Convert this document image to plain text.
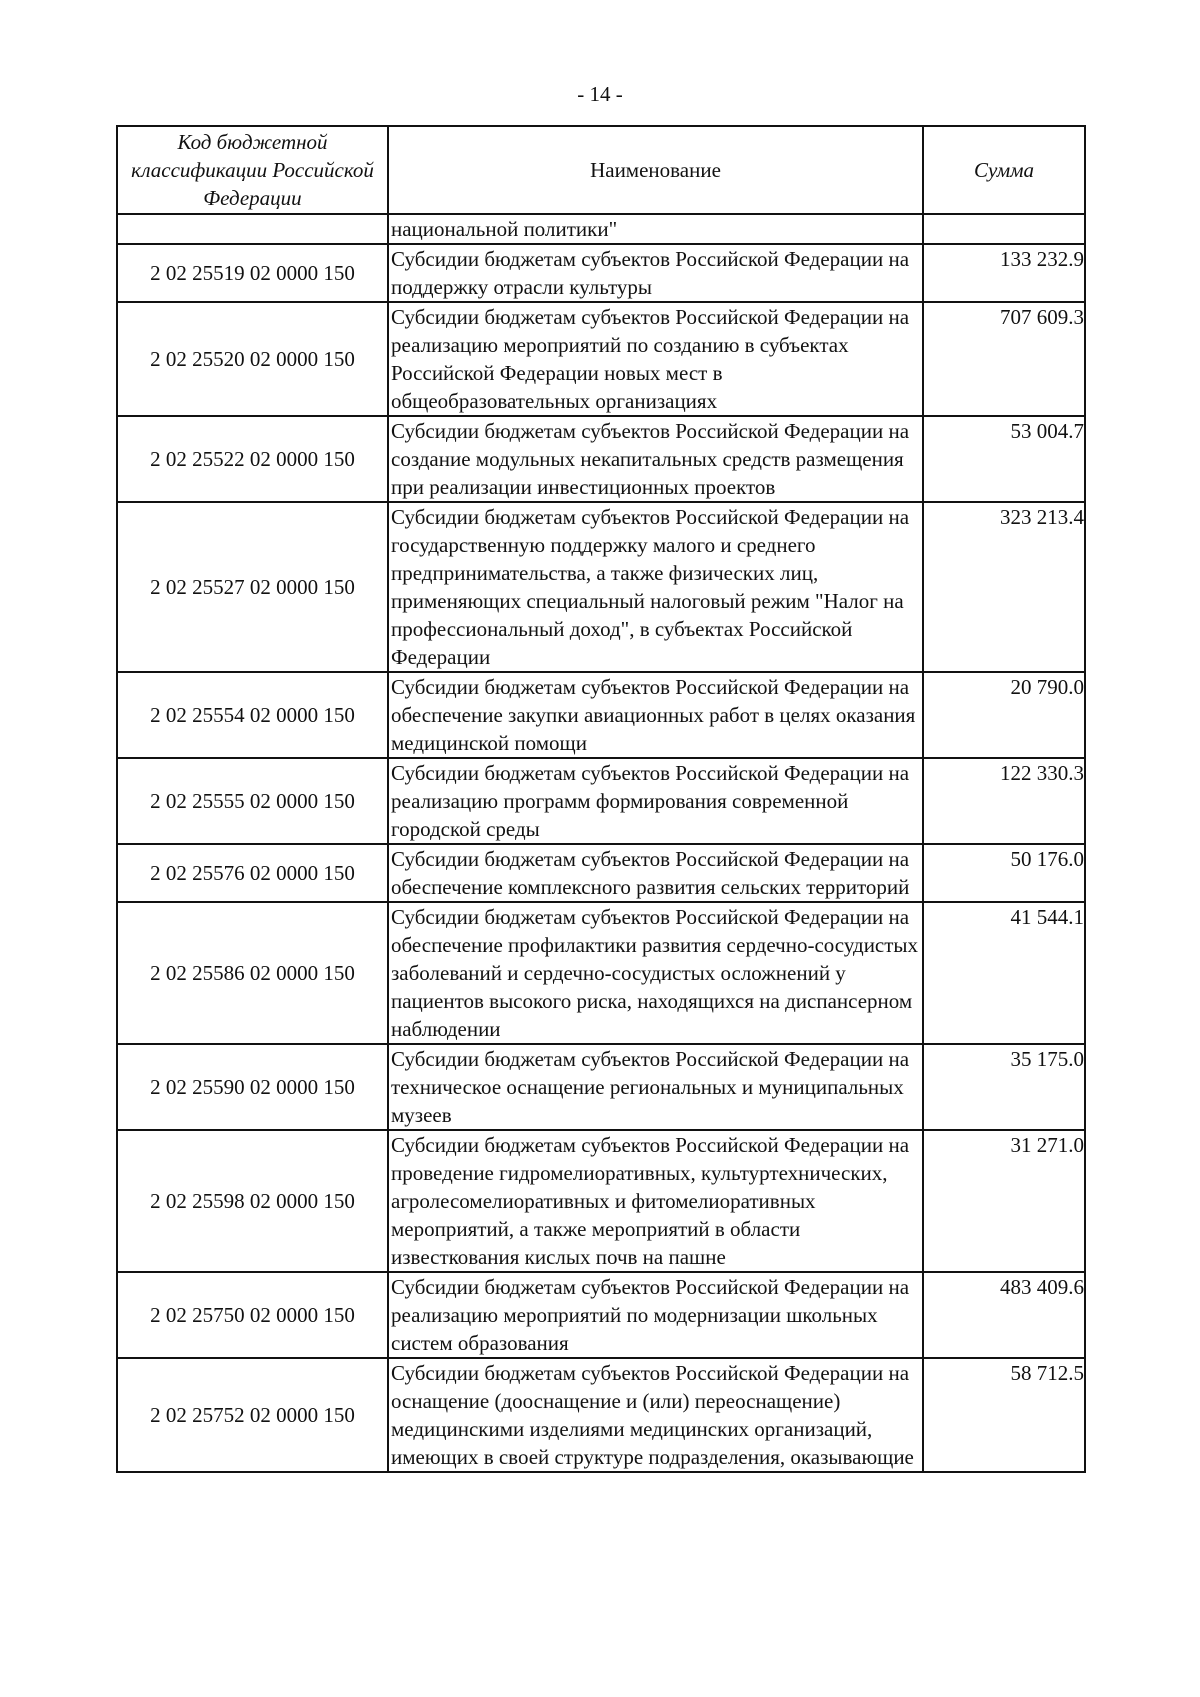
- 14 -
Код бюджетной классификации Российской Федерации	Наименование	Сумма
	национальной политики"	
2 02 25519 02 0000 150	Субсидии бюджетам субъектов Российской Федерации на поддержку отрасли культуры	133 232.9
2 02 25520 02 0000 150	Субсидии бюджетам субъектов Российской Федерации на реализацию мероприятий по созданию в субъектах Российской Федерации новых мест в общеобразовательных организациях	707 609.3
2 02 25522 02 0000 150	Субсидии бюджетам субъектов Российской Федерации на создание модульных некапитальных средств размещения при реализации инвестиционных проектов	53 004.7
2 02 25527 02 0000 150	Субсидии бюджетам субъектов Российской Федерации на государственную поддержку малого и среднего предпринимательства, а также физических лиц, применяющих специальный налоговый режим "Налог на профессиональный доход", в субъектах Российской Федерации	323 213.4
2 02 25554 02 0000 150	Субсидии бюджетам субъектов Российской Федерации на обеспечение закупки авиационных работ в целях оказания медицинской помощи	20 790.0
2 02 25555 02 0000 150	Субсидии бюджетам субъектов Российской Федерации на реализацию программ формирования современной городской среды	122 330.3
2 02 25576 02 0000 150	Субсидии бюджетам субъектов Российской Федерации на обеспечение комплексного развития сельских территорий	50 176.0
2 02 25586 02 0000 150	Субсидии бюджетам субъектов Российской Федерации на обеспечение профилактики развития сердечно-сосудистых заболеваний и сердечно-сосудистых осложнений у пациентов высокого риска, находящихся на диспансерном наблюдении	41 544.1
2 02 25590 02 0000 150	Субсидии бюджетам субъектов Российской Федерации на техническое оснащение региональных и муниципальных музеев	35 175.0
2 02 25598 02 0000 150	Субсидии бюджетам субъектов Российской Федерации на проведение гидромелиоративных, культуртехнических, агролесомелиоративных и фитомелиоративных мероприятий, а также мероприятий в области известкования кислых почв на пашне	31 271.0
2 02 25750 02 0000 150	Субсидии бюджетам субъектов Российской Федерации на реализацию мероприятий по модернизации школьных систем образования	483 409.6
2 02 25752 02 0000 150	Субсидии бюджетам субъектов Российской Федерации на оснащение (дооснащение и (или) переоснащение) медицинскими изделиями медицинских организаций, имеющих в своей структуре подразделения, оказывающие	58 712.5
